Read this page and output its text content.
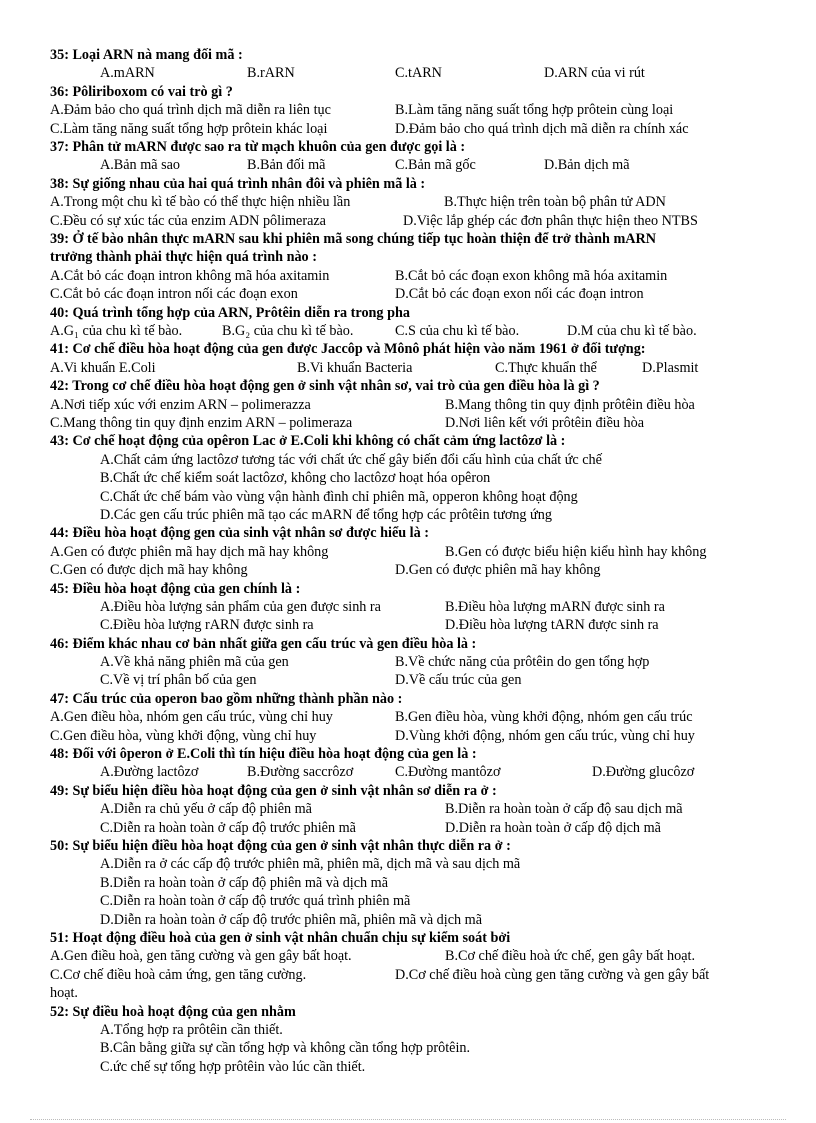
35: Loại ARN nà mang đối mã :
A.mARN	B.rARN	C.tARN	D.ARN của vi rút
36: Pôliriboxom có vai trò gì ?
A.Đảm bảo cho quá trình dịch mã diễn ra liên tục	B.Làm tăng năng suất tổng hợp prôtein cùng loại
C.Làm tăng năng suất tổng hợp prôtein khác loại	D.Đảm bảo cho quá trình dịch mã diễn ra chính xác
37: Phân tử mARN được sao ra từ mạch khuôn của gen được gọi là :
A.Bản mã sao	B.Bản đối mã	C.Bản mã gốc	D.Bản dịch mã
38: Sự giống nhau của hai quá trình nhân đôi và phiên mã là :
A.Trong một chu kì tế bào có thể thực hiện nhiều lần	B.Thực hiện trên toàn bộ phân tử ADN
C.Đều có sự xúc tác của enzim ADN pôlimeraza	D.Việc lắp ghép các đơn phân thực hiện theo NTBS
39: Ở tế bào nhân thực mARN sau khi phiên mã song chúng tiếp tục hoàn thiện để trở thành mARN
trưởng thành phải thực hiện quá trình nào :
A.Cắt bỏ các đoạn intron không mã hóa axitamin	B.Cắt bỏ các đoạn exon không mã hóa axitamin
C.Cắt bỏ các đoạn intron nối các đoạn exon	D.Cắt bỏ các đoạn exon nối các đoạn intron
40: Quá trình tổng hợp của ARN, Prôtêin diễn ra trong pha
A.G₁ của chu kì tế bào.	B.G₂ của chu kì tế bào.	C.S của chu kì tế bào.	D.M của chu kì tế bào.
41: Cơ chế điều hòa hoạt động của gen được Jaccôp và Mônô phát hiện vào năm 1961 ở đối tượng:
A.Vi khuẩn E.Coli	B.Vi khuẩn Bacteria	C.Thực khuẩn thể	D.Plasmit
42: Trong cơ chế điều hòa hoạt động gen ở sinh vật nhân sơ, vai trò của gen điều hòa là gì ?
A.Nơi tiếp xúc với enzim ARN – polimerazza	B.Mang thông tin quy định prôtêin điều hòa
C.Mang thông tin quy định enzim ARN – polimeraza	D.Nơi liên kết với prôtêin điều hòa
43: Cơ chế hoạt động của opêron Lac ở E.Coli khi không có chất cảm ứng lactôzơ là :
A.Chất cảm ứng lactôzơ tương tác với chất ức chế gây biến đổi cấu hình của chất ức chế
B.Chất ức chế kiểm soát lactôzơ, không cho lactôzơ hoạt hóa opêron
C.Chất ức chế bám vào vùng vận hành đình chỉ phiên mã, opperon không hoạt động
D.Các gen cấu trúc phiên mã tạo các mARN để tổng hợp các prôtêin tương ứng
44: Điều hòa hoạt động gen của sinh vật nhân sơ được hiểu là :
A.Gen có được phiên mã hay dịch mã hay không	B.Gen có được biểu hiện kiểu hình hay không
C.Gen có được dịch mã hay không	D.Gen có được phiên mã hay không
45: Điều hòa hoạt động của gen chính là :
A.Điều hòa lượng sản phẩm của gen được sinh ra	B.Điều hòa lượng mARN được sinh ra
C.Điều hòa lượng rARN được sinh ra	D.Điều hòa lượng tARN được sinh ra
46: Điểm khác nhau cơ bản nhất giữa gen cấu trúc và gen điều hòa là :
A.Về khả năng phiên mã của gen	B.Về chức năng của prôtêin do gen tổng hợp
C.Về vị trí phân bố của gen	D.Về cấu trúc của gen
47: Cấu trúc của operon bao gồm những thành phần nào :
A.Gen điều hòa, nhóm gen cấu trúc, vùng chỉ huy	B.Gen điều hòa, vùng khởi động, nhóm gen cấu trúc
C.Gen điều hòa, vùng khởi động, vùng chỉ huy	D.Vùng khởi động, nhóm gen cấu trúc, vùng chỉ huy
48: Đối với ôperon ở E.Coli thì tín hiệu điều hòa hoạt động của gen là :
A.Đường lactôzơ	B.Đường saccrôzơ	C.Đường mantôzơ	D.Đường glucôzơ
49: Sự biểu hiện điều hòa hoạt động của gen ở sinh vật nhân sơ diễn ra ở :
A.Diễn ra chủ yếu ở cấp độ phiên mã	B.Diễn ra hoàn toàn ở cấp độ sau dịch mã
C.Diễn ra hoàn toàn ở cấp độ trước phiên mã	D.Diễn ra hoàn toàn ở cấp độ dịch mã
50: Sự biểu hiện điều hòa hoạt động của gen ở sinh vật nhân thực diễn ra ở :
A.Diễn ra ở các cấp độ trước phiên mã, phiên mã, dịch mã và sau dịch mã
B.Diễn ra hoàn toàn ở cấp độ phiên mã và dịch mã
C.Diễn ra hoàn toàn ở cấp độ trước quá trình phiên mã
D.Diễn ra hoàn toàn ở cấp độ trước phiên mã, phiên mã và dịch mã
51: Hoạt động điều hoà của gen ở sinh vật nhân chuẩn chịu sự kiểm soát bởi
A.Gen điều hoà, gen tăng cường và gen gây bất hoạt.	B.Cơ chế điều hoà ức chế, gen gây bất hoạt.
C.Cơ chế điều hoà cảm ứng, gen tăng cường.	D.Cơ chế điều hoà cùng gen tăng cường và gen gây bất
hoạt.
52: Sự điều hoà hoạt động của gen nhằm
A.Tổng hợp ra prôtêin cần thiết.
B.Cân bằng giữa sự cần tổng hợp và không cần tổng hợp prôtêin.
C.ức chế sự tổng hợp prôtêin vào lúc cần thiết.
